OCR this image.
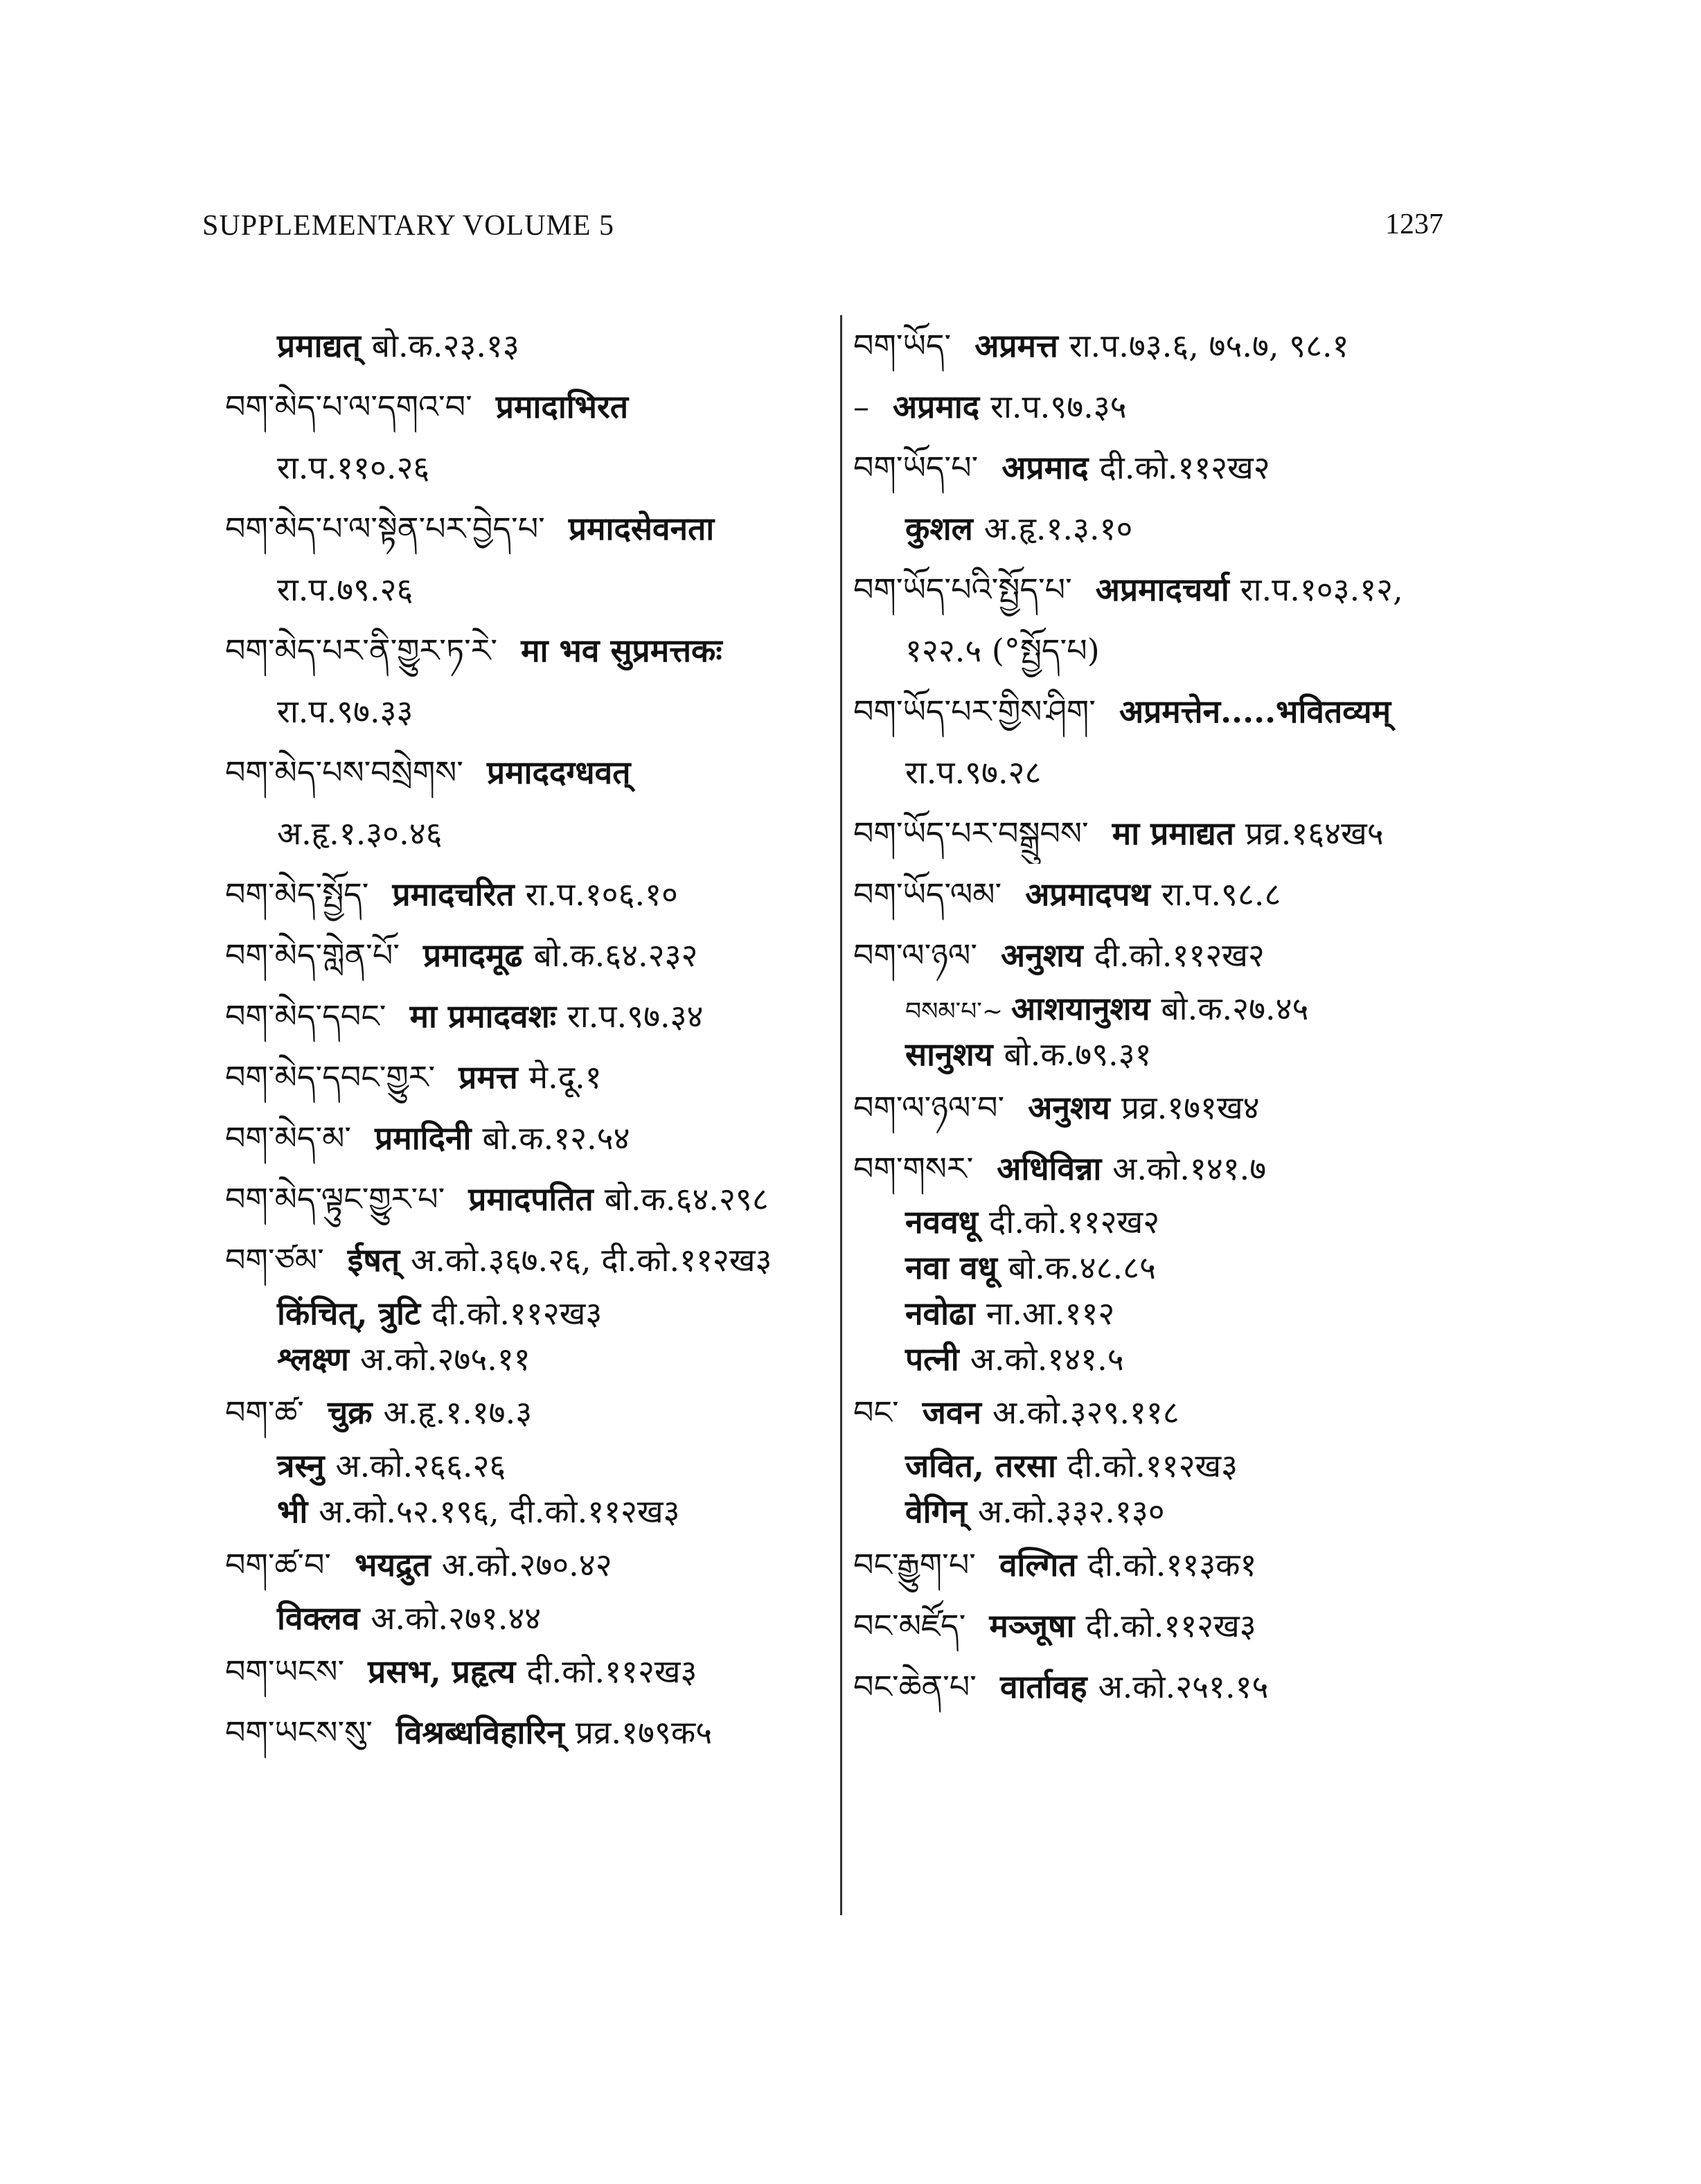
SUPPLEMENTARY VOLUME 5	1237
प्रमाद्यत् बो.क.२३.१३
བག་མེད་པ་ལ་དགའ་བ་ प्रमादाभिरत
रा.प.११०.२६
བག་མེད་པ་ལ་སྟེན་པར་བྱེད་པ་ प्रमादसेवनता
रा.प.७९.२६
བག་མེད་པར་ནི་གྱུར་ཏ་རེ་ मा भव सुप्रमत्तकः
रा.प.९७.३३
བག་མེད་པས་བསྲེགས་ प्रमाददग्धवत्
अ.हृ.१.३०.४६
བག་མེད་སྤྱོད་ प्रमादचरित रा.प.१०६.१०
བག་མེད་གླེན་པོ་ प्रमादमूढ बो.क.६४.२३२
བག་མེད་དབང་ मा प्रमादवशः रा.प.९७.३४
བག་མེད་དབང་གྱུར་ प्रमत्त मे.दू.१
བག་མེད་མ་ प्रमादिनी बो.क.१२.५४
བག་མེད་ལྟུང་གྱུར་པ་ प्रमादपतित बो.क.६४.२९८
བག་ཙམ་ ईषत् अ.को.३६७.२६, दी.को.११२ख३
किंचित्, त्रुटि दी.को.११२ख३
श्लक्ष्ण अ.को.२७५.११
བག་ཚ་ चुक्र अ.हृ.१.१७.३
त्रस्नु अ.को.२६६.२६
भी अ.को.५२.१९६, दी.को.११२ख३
བག་ཚ་བ་ भयद्रुत अ.को.२७०.४२
विक्लव अ.को.२७१.४४
བག་ཡངས་ प्रसभ, प्रहृत्य दी.को.११२ख३
བག་ཡངས་སུ་ विश्रब्धविहारिन् प्रव्र.१७९क५
བག་ཡོད་ अप्रमत्त रा.प.७३.६, ७५.७, ९८.१
– अप्रमाद रा.प.९७.३५
བག་ཡོད་པ་ अप्रमाद दी.को.११२ख२
कुशल अ.हृ.१.३.१०
བག་ཡོད་པའི་སྤྱོད་པ་ अप्रमादचर्या रा.प.१०३.१२,
१२२.५ (°སྤྱོད་པ)
བག་ཡོད་པར་གྱིས་ཤིག་ अप्रमत्तेन.....भवितव्यम्
रा.प.९७.२८
བག་ཡོད་པར་བསྒྲུབས་ मा प्रमाद्यत प्रव्र.१६४ख५
བག་ཡོད་ལམ་ अप्रमादपथ रा.प.९८.८
བག་ལ་ཉལ་ अनुशय दी.को.११२ख२
བསམ་པ་~ आशयानुशय बो.क.२७.४५
सानुशय बो.क.७९.३१
བག་ལ་ཉལ་བ་ अनुशय प्रव्र.१७१ख४
བག་གསར་ अधिविन्ना अ.को.१४१.७
नववधू दी.को.११२ख२
नवा वधू बो.क.४८.८५
नवोढा ना.आ.११२
पत्नी अ.को.१४१.५
བང་ जवन अ.को.३२९.११८
जवित, तरसा दी.को.११२ख३
वेगिन् अ.को.३३२.१३०
བང་རྒྱུག་པ་ वल्गित दी.को.११३क१
བང་མཛོད་ मञ्जूषा दी.को.११२ख३
བང་ཆེན་པ་ वार्तावह अ.को.२५१.१५
